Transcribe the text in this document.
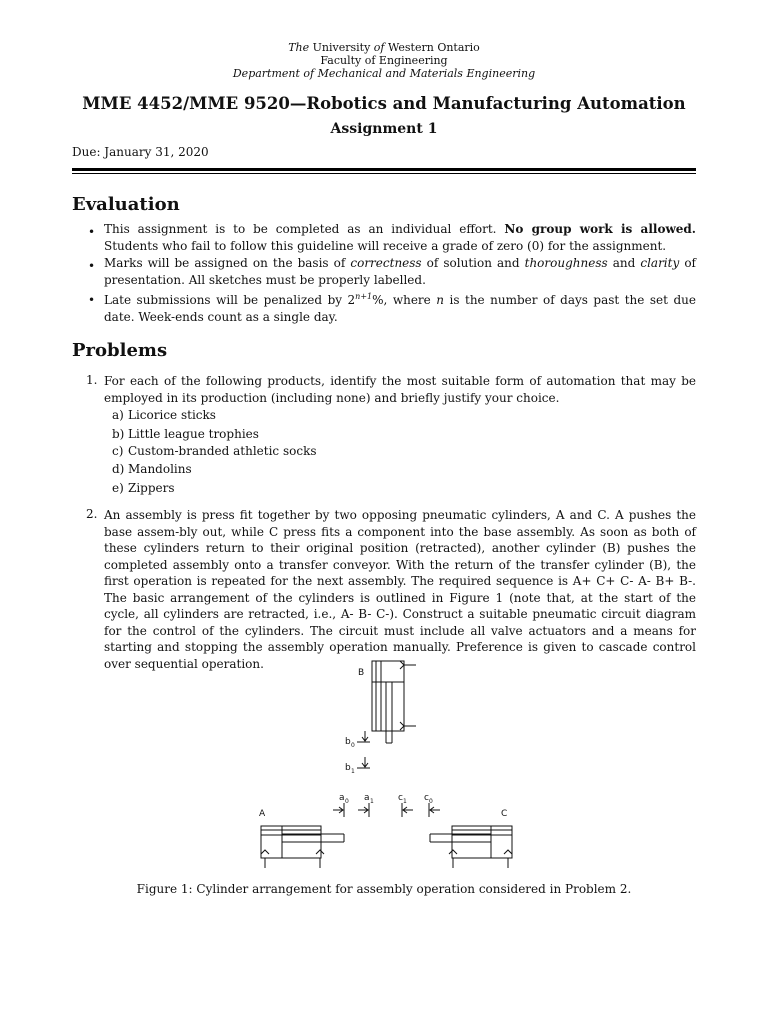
The University of Western Ontario
Faculty of Engineering
Department of Mechanical and Materials Engineering
MME 4452/MME 9520—Robotics and Manufacturing Automation
Assignment 1
Due: January 31, 2020
Evaluation
• This assignment is to be completed as an individual effort. No group work is allowed. Students who fail to follow this guideline will receive a grade of zero (0) for the assignment.
• Marks will be assigned on the basis of correctness of solution and thoroughness and clarity of presentation. All sketches must be properly labelled.
• Late submissions will be penalized by $2^{n+1}\%$, where n is the number of days past the set due date. Week-ends count as a single day.
Problems
1. For each of the following products, identify the most suitable form of automation that may be employed in its production (including none) and briefly justify your choice.
a) Licorice sticks
b) Little league trophies
c) Custom-branded athletic socks
d) Mandolins
e) Zippers
2. An assembly is press fit together by two opposing pneumatic cylinders, A and C. A pushes the base assem-bly out, while C press fits a component into the base assembly. As soon as both of these cylinders return to their original position (retracted), another cylinder (B) pushes the completed assembly onto a transfer conveyor. With the return of the transfer cylinder (B), the first operation is repeated for the next assembly. The required sequence is A+ C+ C- A- B+ B-. The basic arrangement of the cylinders is outlined in Figure 1 (note that, at the start of the cycle, all cylinders are retracted, i.e., A- B- C-). Construct a suitable pneumatic circuit diagram for the control of the cylinders. The circuit must include all valve actuators and a means for starting and stopping the assembly operation manually. Preference is given to cascade control over sequential operation.
B
b 0
b 1
a 0 a 1	c 1 c 0
A	C
Figure 1: Cylinder arrangement for assembly operation considered in Problem 2.
